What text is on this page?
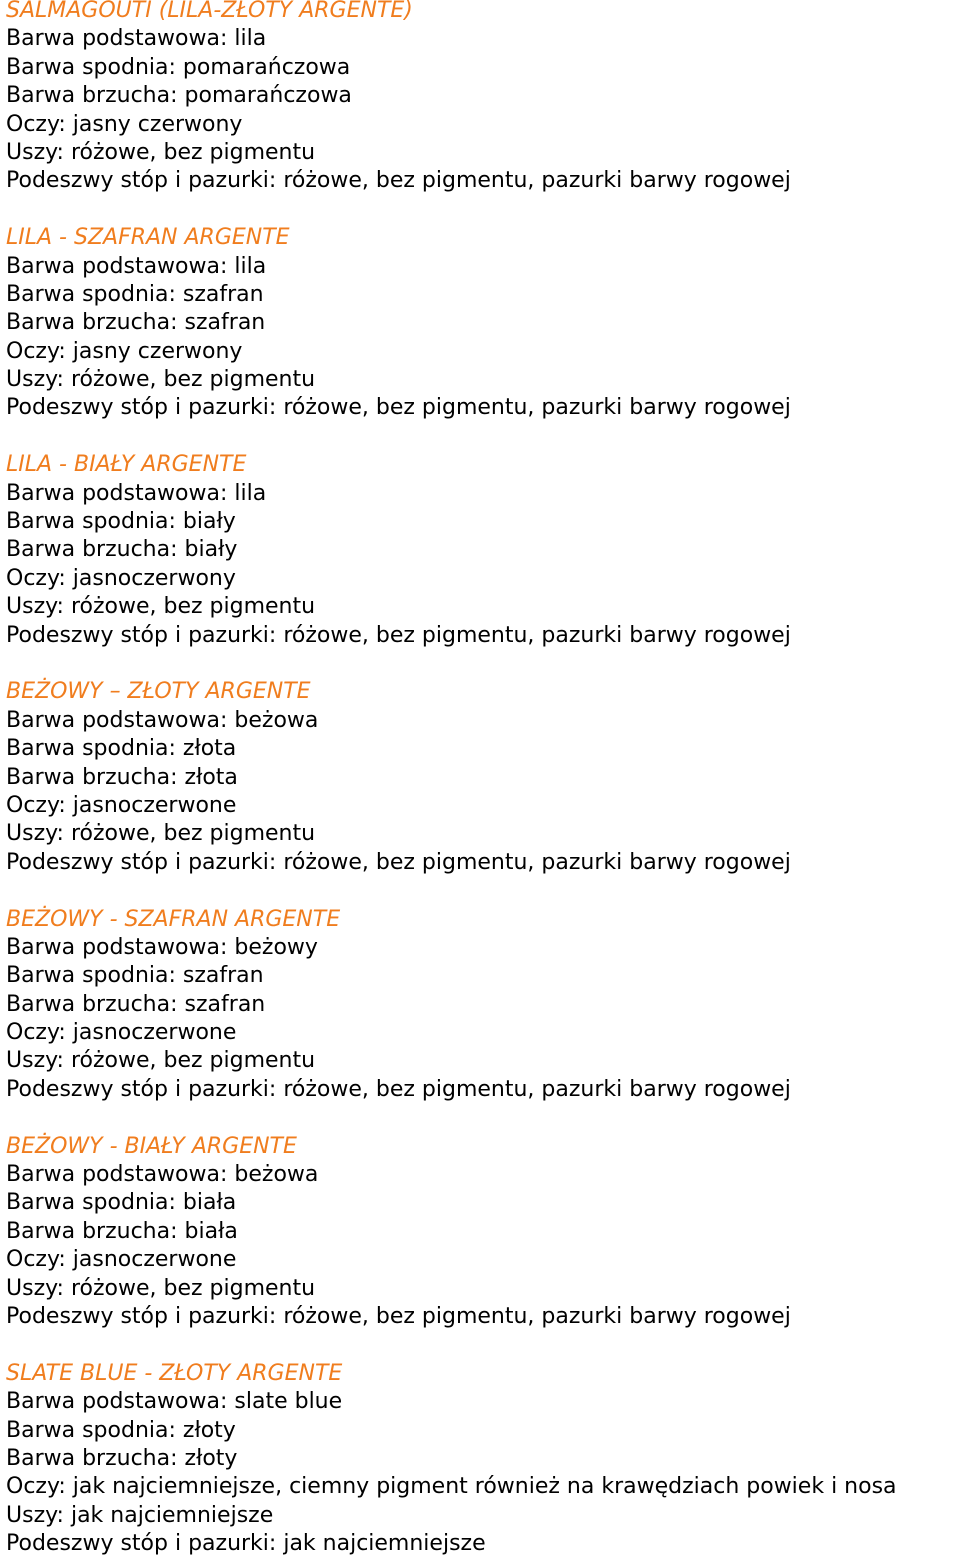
SALMAGOUTI (LILA-ZŁOTY ARGENTE)
Barwa podstawowa: lila
Barwa spodnia: pomarańczowa
Barwa brzucha: pomarańczowa
Oczy: jasny czerwony
Uszy: różowe, bez pigmentu
Podeszwy stóp i pazurki: różowe, bez pigmentu, pazurki barwy rogowej
LILA - SZAFRAN ARGENTE
Barwa podstawowa: lila
Barwa spodnia: szafran
Barwa brzucha: szafran
Oczy: jasny czerwony
Uszy: różowe, bez pigmentu
Podeszwy stóp i pazurki: różowe, bez pigmentu, pazurki barwy rogowej
LILA - BIAŁY ARGENTE
Barwa podstawowa: lila
Barwa spodnia: biały
Barwa brzucha: biały
Oczy: jasnoczerwony
Uszy: różowe, bez pigmentu
Podeszwy stóp i pazurki: różowe, bez pigmentu, pazurki barwy rogowej
BEŻOWY – ZŁOTY ARGENTE
Barwa podstawowa: beżowa
Barwa spodnia: złota
Barwa brzucha: złota
Oczy: jasnoczerwone
Uszy: różowe, bez pigmentu
Podeszwy stóp i pazurki: różowe, bez pigmentu, pazurki barwy rogowej
BEŻOWY - SZAFRAN ARGENTE
Barwa podstawowa: beżowy
Barwa spodnia: szafran
Barwa brzucha: szafran
Oczy: jasnoczerwone
Uszy: różowe, bez pigmentu
Podeszwy stóp i pazurki: różowe, bez pigmentu, pazurki barwy rogowej
BEŻOWY - BIAŁY ARGENTE
Barwa podstawowa: beżowa
Barwa spodnia: biała
Barwa brzucha: biała
Oczy: jasnoczerwone
Uszy: różowe, bez pigmentu
Podeszwy stóp i pazurki: różowe, bez pigmentu, pazurki barwy rogowej
SLATE BLUE - ZŁOTY ARGENTE
Barwa podstawowa: slate blue
Barwa spodnia: złoty
Barwa brzucha: złoty
Oczy: jak najciemniejsze, ciemny pigment również na krawędziach powiek i nosa
Uszy: jak najciemniejsze
Podeszwy stóp i pazurki: jak najciemniejsze
